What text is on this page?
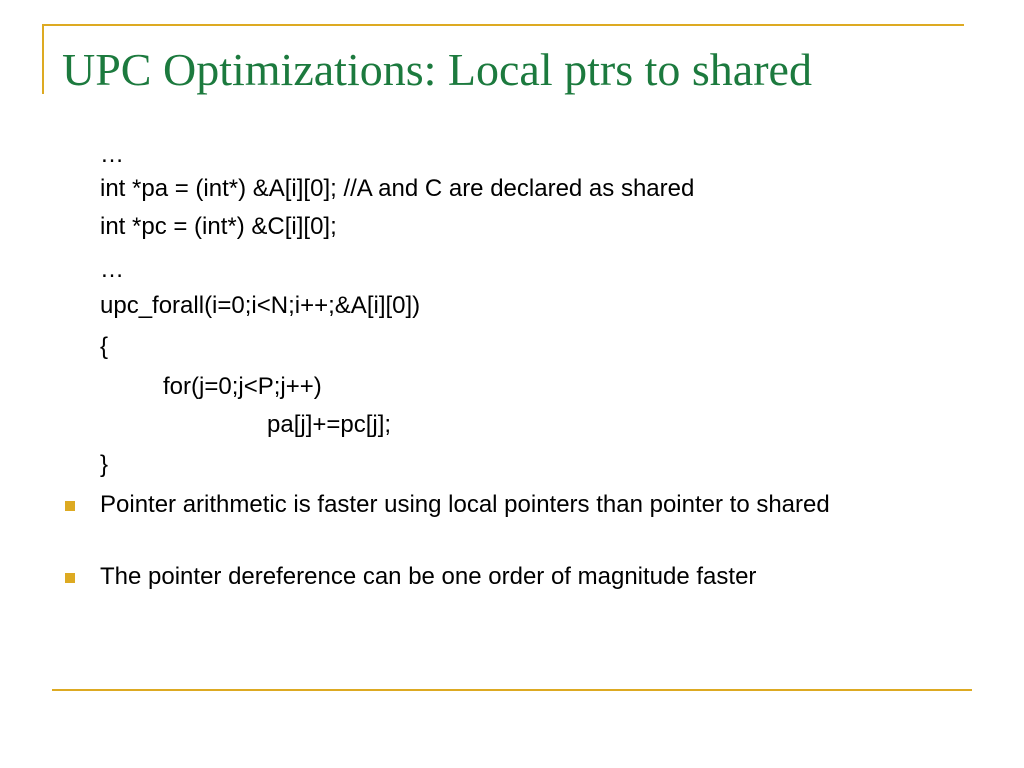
UPC Optimizations: Local ptrs to shared
…
int *pa = (int*) &A[i][0]; //A and C are declared as shared
int *pc = (int*) &C[i][0];
…
upc_forall(i=0;i<N;i++;&A[i][0])
{
for(j=0;j<P;j++)
pa[j]+=pc[j];
}
Pointer arithmetic is faster using local pointers than pointer to shared
The pointer dereference can be one order of magnitude faster
